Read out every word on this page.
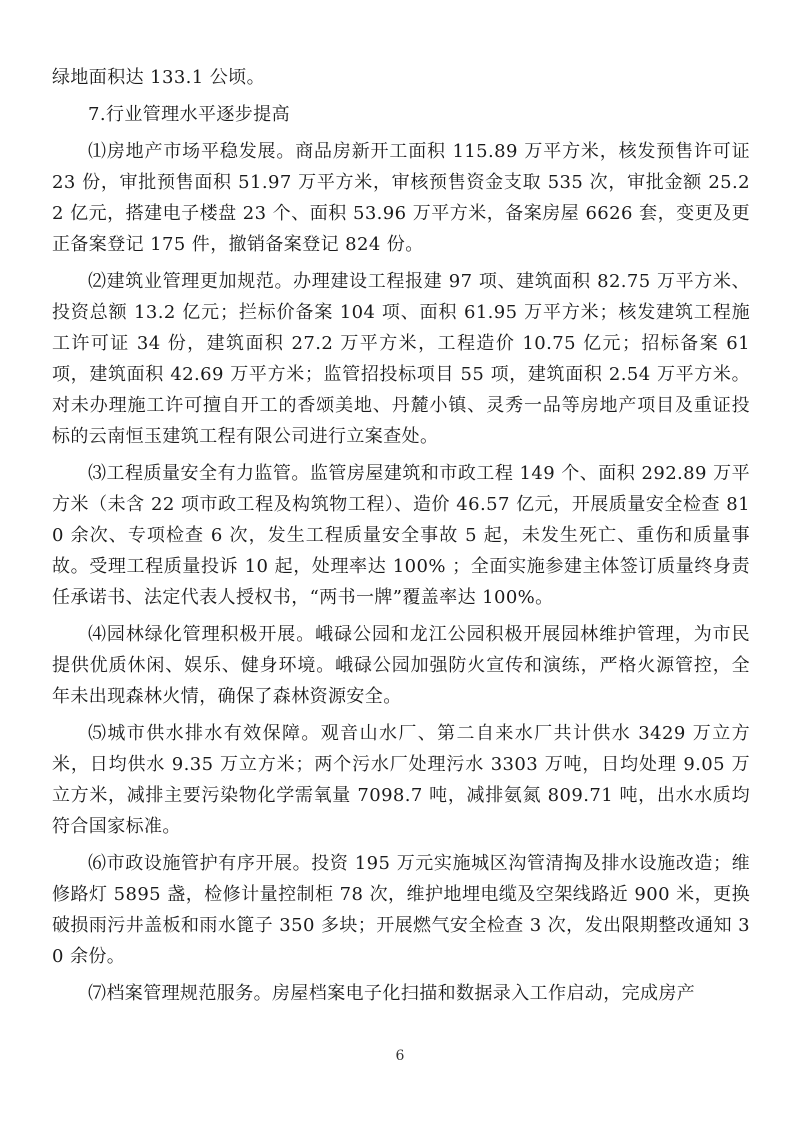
绿地面积达 133.1 公顷。

7.行业管理水平逐步提高

⑴房地产市场平稳发展。商品房新开工面积 115.89 万平方米，核发预售许可证 23 份，审批预售面积 51.97 万平方米，审核预售资金支取 535 次，审批金额 25.22 亿元，搭建电子楼盘 23 个、面积 53.96 万平方米，备案房屋 6626 套，变更及更正备案登记 175 件，撤销备案登记 824 份。

⑵建筑业管理更加规范。办理建设工程报建 97 项、建筑面积 82.75 万平方米、投资总额 13.2 亿元；拦标价备案 104 项、面积 61.95 万平方米；核发建筑工程施工许可证 34 份，建筑面积 27.2 万平方米，工程造价 10.75 亿元；招标备案 61 项，建筑面积 42.69 万平方米；监管招投标项目 55 项，建筑面积 2.54 万平方米。对未办理施工许可擅自开工的香颂美地、丹麓小镇、灵秀一品等房地产项目及重证投标的云南恒玉建筑工程有限公司进行立案查处。

⑶工程质量安全有力监管。监管房屋建筑和市政工程 149 个、面积 292.89 万平方米（未含 22 项市政工程及构筑物工程）、造价 46.57 亿元，开展质量安全检查 810 余次、专项检查 6 次，发生工程质量安全事故 5 起，未发生死亡、重伤和质量事故。受理工程质量投诉 10 起，处理率达 100% ；全面实施参建主体签订质量终身责任承诺书、法定代表人授权书，“两书一牌”覆盖率达 100%。

⑷园林绿化管理积极开展。峨碌公园和龙江公园积极开展园林维护管理，为市民提供优质休闲、娱乐、健身环境。峨碌公园加强防火宣传和演练，严格火源管控，全年未出现森林火情，确保了森林资源安全。

⑸城市供水排水有效保障。观音山水厂、第二自来水厂共计供水 3429 万立方米，日均供水 9.35 万立方米；两个污水厂处理污水 3303 万吨，日均处理 9.05 万立方米，减排主要污染物化学需氧量 7098.7 吨，减排氨氮 809.71 吨，出水水质均符合国家标准。

⑹市政设施管护有序开展。投资 195 万元实施城区沟管清掏及排水设施改造；维修路灯 5895 盏，检修计量控制柜 78 次，维护地埋电缆及空架线路近 900 米，更换破损雨污井盖板和雨水篦子 350 多块；开展燃气安全检查 3 次，发出限期整改通知 30 余份。

⑺档案管理规范服务。房屋档案电子化扫描和数据录入工作启动，完成房产

6
